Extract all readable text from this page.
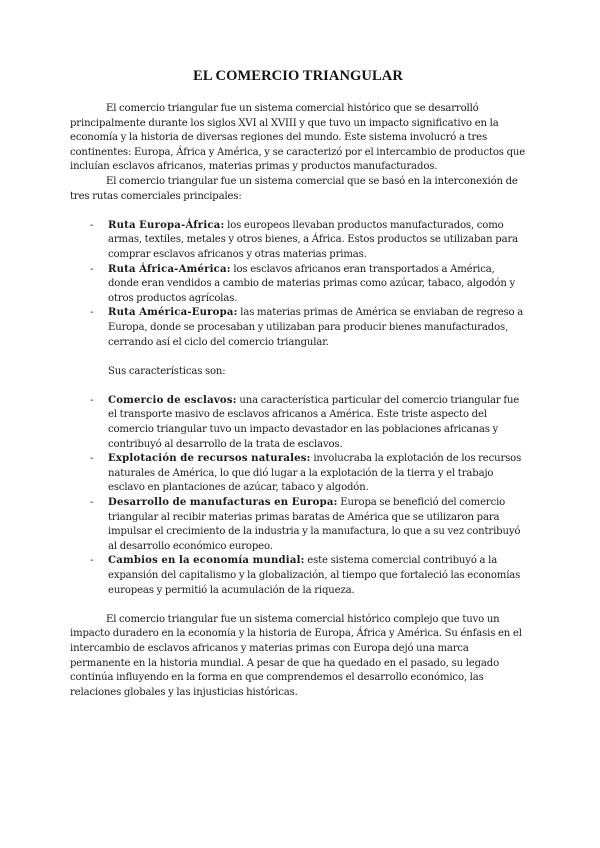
EL COMERCIO TRIANGULAR

El comercio triangular fue un sistema comercial histórico que se desarrolló principalmente durante los siglos XVI al XVIII y que tuvo un impacto significativo en la economía y la historia de diversas regiones del mundo. Este sistema involucró a tres continentes: Europa, África y América, y se caracterizó por el intercambio de productos que incluían esclavos africanos, materias primas y productos manufacturados.

El comercio triangular fue un sistema comercial que se basó en la interconexión de tres rutas comerciales principales:

- Ruta Europa-África: los europeos llevaban productos manufacturados, como armas, textiles, metales y otros bienes, a África. Estos productos se utilizaban para comprar esclavos africanos y otras materias primas.
- Ruta África-América: los esclavos africanos eran transportados a América, donde eran vendidos a cambio de materias primas como azúcar, tabaco, algodón y otros productos agrícolas.
- Ruta América-Europa: las materias primas de América se enviaban de regreso a Europa, donde se procesaban y utilizaban para producir bienes manufacturados, cerrando así el ciclo del comercio triangular.

Sus características son:

- Comercio de esclavos: una característica particular del comercio triangular fue el transporte masivo de esclavos africanos a América. Este triste aspecto del comercio triangular tuvo un impacto devastador en las poblaciones africanas y contribuyó al desarrollo de la trata de esclavos.
- Explotación de recursos naturales: involucraba la explotación de los recursos naturales de América, lo que dió lugar a la explotación de la tierra y el trabajo esclavo en plantaciones de azúcar, tabaco y algodón.
- Desarrollo de manufacturas en Europa: Europa se benefició del comercio triangular al recibir materias primas baratas de América que se utilizaron para impulsar el crecimiento de la industria y la manufactura, lo que a su vez contribuyó al desarrollo económico europeo.
- Cambios en la economía mundial: este sistema comercial contribuyó a la expansión del capitalismo y la globalización, al tiempo que fortaleció las economías europeas y permitió la acumulación de la riqueza.

El comercio triangular fue un sistema comercial histórico complejo que tuvo un impacto duradero en la economía y la historia de Europa, África y América. Su énfasis en el intercambio de esclavos africanos y materias primas con Europa dejó una marca permanente en la historia mundial. A pesar de que ha quedado en el pasado, su legado continúa influyendo en la forma en que comprendemos el desarrollo económico, las relaciones globales y las injusticias históricas.
